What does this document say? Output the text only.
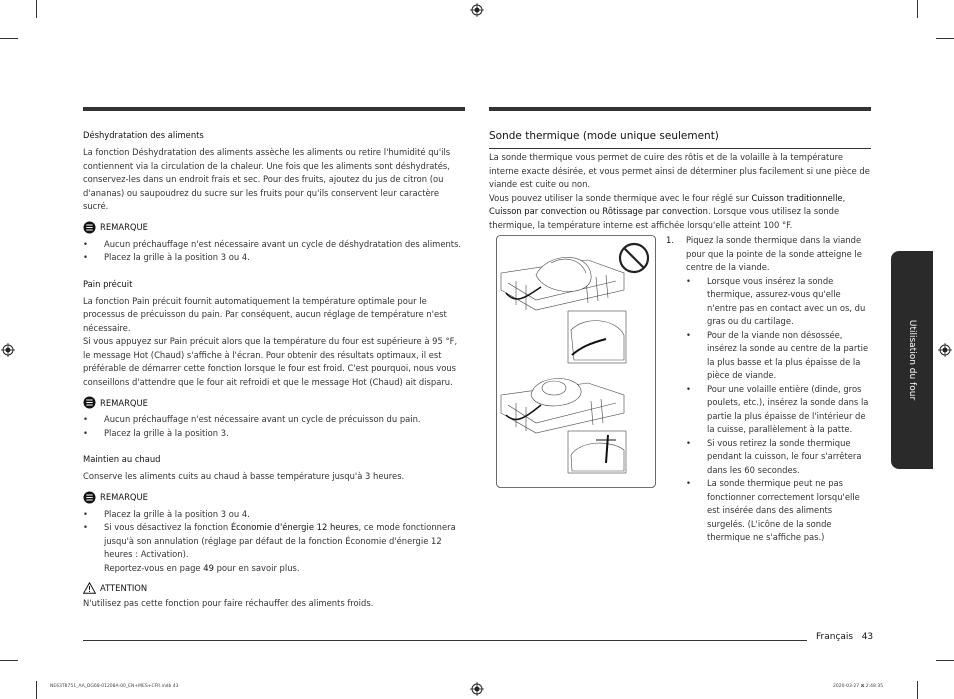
Déshydratation des aliments
La fonction Déshydratation des aliments assèche les aliments ou retire l'humidité qu'ils contiennent via la circulation de la chaleur. Une fois que les aliments sont déshydratés, conservez-les dans un endroit frais et sec. Pour des fruits, ajoutez du jus de citron (ou d'ananas) ou saupoudrez du sucre sur les fruits pour qu'ils conservent leur caractère sucré.
REMARQUE
• Aucun préchauffage n'est nécessaire avant un cycle de déshydratation des aliments.
• Placez la grille à la position 3 ou 4.
Pain précuit
La fonction Pain précuit fournit automatiquement la température optimale pour le processus de précuisson du pain. Par conséquent, aucun réglage de température n'est nécessaire.
Si vous appuyez sur Pain précuit alors que la température du four est supérieure à 95 °F, le message Hot (Chaud) s'affiche à l'écran. Pour obtenir des résultats optimaux, il est préférable de démarrer cette fonction lorsque le four est froid. C'est pourquoi, nous vous conseillons d'attendre que le four ait refroidi et que le message Hot (Chaud) ait disparu.
REMARQUE
• Aucun préchauffage n'est nécessaire avant un cycle de précuisson du pain.
• Placez la grille à la position 3.
Maintien au chaud
Conserve les aliments cuits au chaud à basse température jusqu'à 3 heures.
REMARQUE
• Placez la grille à la position 3 ou 4.
• Si vous désactivez la fonction Économie d'énergie 12 heures, ce mode fonctionnera jusqu'à son annulation (réglage par défaut de la fonction Économie d'énergie 12 heures : Activation).
Reportez-vous en page 49 pour en savoir plus.
ATTENTION
N'utilisez pas cette fonction pour faire réchauffer des aliments froids.
Sonde thermique (mode unique seulement)
La sonde thermique vous permet de cuire des rôtis et de la volaille à la température interne exacte désirée, et vous permet ainsi de déterminer plus facilement si une pièce de viande est cuite ou non.
Vous pouvez utiliser la sonde thermique avec le four réglé sur Cuisson traditionnelle, Cuisson par convection ou Rôtissage par convection. Lorsque vous utilisez la sonde thermique, la température interne est affichée lorsqu'elle atteint 100 °F.
1. Piquez la sonde thermique dans la viande pour que la pointe de la sonde atteigne le centre de la viande.
• Lorsque vous insérez la sonde thermique, assurez-vous qu'elle n'entre pas en contact avec un os, du gras ou du cartilage.
• Pour de la viande non désossée, insérez la sonde au centre de la partie la plus basse et la plus épaisse de la pièce de viande.
• Pour une volaille entière (dinde, gros poulets, etc.), insérez la sonde dans la partie la plus épaisse de l'intérieur de la cuisse, parallèlement à la patte.
• Si vous retirez la sonde thermique pendant la cuisson, le four s'arrêtera dans les 60 secondes.
• La sonde thermique peut ne pas fonctionner correctement lorsqu'elle est insérée dans des aliments surgelés. (L'icône de la sonde thermique ne s'affiche pas.)
Utilisation du four
Français 43
NE63T8751_AA_DG68-01208A-00_EN+MES+CFR.indb 43	2020-03-27 ⊠ 2:48:35
